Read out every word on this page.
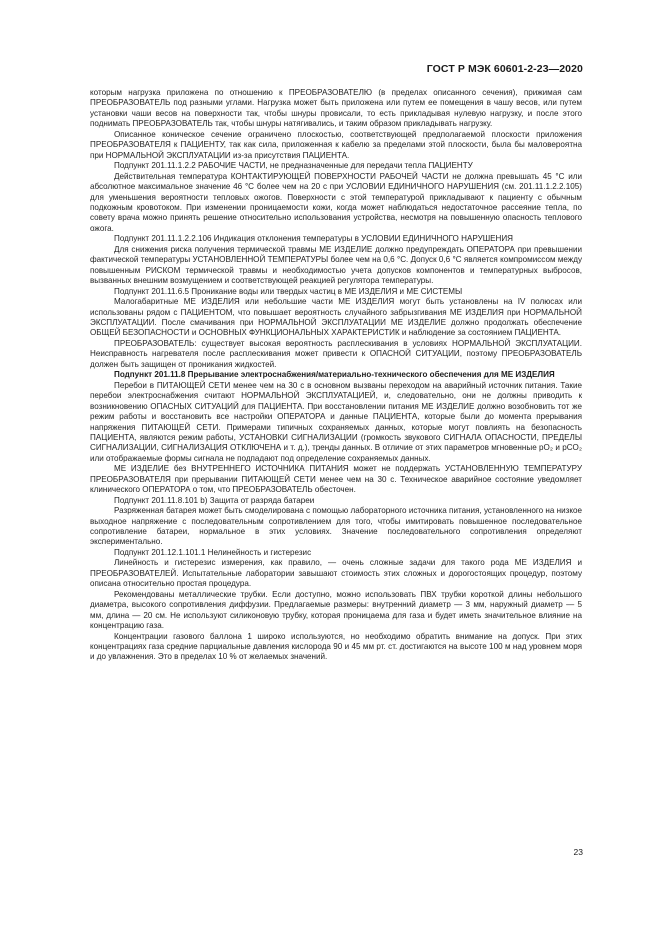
ГОСТ Р МЭК 60601-2-23—2020

которым нагрузка приложена по отношению к ПРЕОБРАЗОВАТЕЛЮ (в пределах описанного сечения), прижимая сам ПРЕОБРАЗОВАТЕЛЬ под разными углами. Нагрузка может быть приложена или путем ее помещения в чашу весов, или путем установки чаши весов на поверхности так, чтобы шнуры провисали, то есть прикладывая нулевую нагрузку, и после этого поднимать ПРЕОБРАЗОВАТЕЛЬ так, чтобы шнуры натягивались, и таким образом прикладывать нагрузку.

Описанное коническое сечение ограничено плоскостью, соответствующей предполагаемой плоскости приложения ПРЕОБРАЗОВАТЕЛЯ к ПАЦИЕНТУ, так как сила, приложенная к кабелю за пределами этой плоскости, была бы маловероятна при НОРМАЛЬНОЙ ЭКСПЛУАТАЦИИ из-за присутствия ПАЦИЕНТА.

Подпункт 201.11.1.2.2 РАБОЧИЕ ЧАСТИ, не предназначенные для передачи тепла ПАЦИЕНТУ

Действительная температура КОНТАКТИРУЮЩЕЙ ПОВЕРХНОСТИ РАБОЧЕЙ ЧАСТИ не должна превышать 45 °С или абсолютное максимальное значение 46 °С более чем на 20 с при УСЛОВИИ ЕДИНИЧНОГО НАРУШЕНИЯ (см. 201.11.1.2.2.105) для уменьшения вероятности тепловых ожогов. Поверхности с этой температурой прикладывают к пациенту с обычным подкожным кровотоком. При изменении проницаемости кожи, когда может наблюдаться недостаточное рассеяние тепла, по совету врача можно принять решение относительно использования устройства, несмотря на повышенную опасность теплового ожога.

Подпункт 201.11.1.2.2.106 Индикация отклонения температуры в УСЛОВИИ ЕДИНИЧНОГО НАРУШЕНИЯ

Для снижения риска получения термической травмы МЕ ИЗДЕЛИЕ должно предупреждать ОПЕРАТОРА при превышении фактической температуры УСТАНОВЛЕННОЙ ТЕМПЕРАТУРЫ более чем на 0,6 °С. Допуск 0,6 °С является компромиссом между повышенным РИСКОМ термической травмы и необходимостью учета допусков компонентов и температурных выбросов, вызванных внешним возмущением и соответствующей реакцией регулятора температуры.

Подпункт 201.11.6.5 Проникание воды или твердых частиц в МЕ ИЗДЕЛИЯ и МЕ СИСТЕМЫ

Малогабаритные МЕ ИЗДЕЛИЯ или небольшие части МЕ ИЗДЕЛИЯ могут быть установлены на IV полюсах или использованы рядом с ПАЦИЕНТОМ, что повышает вероятность случайного забрызгивания МЕ ИЗДЕЛИЯ при НОРМАЛЬНОЙ ЭКСПЛУАТАЦИИ. После смачивания при НОРМАЛЬНОЙ ЭКСПЛУАТАЦИИ МЕ ИЗДЕЛИЕ должно продолжать обеспечение ОБЩЕЙ БЕЗОПАСНОСТИ и ОСНОВНЫХ ФУНКЦИОНАЛЬНЫХ ХАРАКТЕРИСТИК и наблюдение за состоянием ПАЦИЕНТА.

ПРЕОБРАЗОВАТЕЛЬ: существует высокая вероятность расплескивания в условиях НОРМАЛЬНОЙ ЭКСПЛУАТАЦИИ. Неисправность нагревателя после расплескивания может привести к ОПАСНОЙ СИТУАЦИИ, поэтому ПРЕОБРАЗОВАТЕЛЬ должен быть защищен от проникания жидкостей.

Подпункт 201.11.8 Прерывание электроснабжения/материально-технического обеспечения для МЕ ИЗДЕЛИЯ

Перебои в ПИТАЮЩЕЙ СЕТИ менее чем на 30 с в основном вызваны переходом на аварийный источник питания. Такие перебои электроснабжения считают НОРМАЛЬНОЙ ЭКСПЛУАТАЦИЕЙ, и, следовательно, они не должны приводить к возникновению ОПАСНЫХ СИТУАЦИЙ для ПАЦИЕНТА. При восстановлении питания МЕ ИЗДЕЛИЕ должно возобновить тот же режим работы и восстановить все настройки ОПЕРАТОРА и данные ПАЦИЕНТА, которые были до момента прерывания напряжения ПИТАЮЩЕЙ СЕТИ. Примерами типичных сохраняемых данных, которые могут повлиять на безопасность ПАЦИЕНТА, являются режим работы, УСТАНОВКИ СИГНАЛИЗАЦИИ (громкость звукового СИГНАЛА ОПАСНОСТИ, ПРЕДЕЛЫ СИГНАЛИЗАЦИИ, СИГНАЛИЗАЦИЯ ОТКЛЮЧЕНА и т. д.), тренды данных. В отличие от этих параметров мгновенные pO₂ и pCO₂ или отображаемые формы сигнала не подпадают под определение сохраняемых данных.

МЕ ИЗДЕЛИЕ без ВНУТРЕННЕГО ИСТОЧНИКА ПИТАНИЯ может не поддержать УСТАНОВЛЕННУЮ ТЕМПЕРАТУРУ ПРЕОБРАЗОВАТЕЛЯ при прерывании ПИТАЮЩЕЙ СЕТИ менее чем на 30 с. Техническое аварийное состояние уведомляет клинического ОПЕРАТОРА о том, что ПРЕОБРАЗОВАТЕЛЬ обесточен.

Подпункт 201.11.8.101 b) Защита от разряда батареи

Разряженная батарея может быть смоделирована с помощью лабораторного источника питания, установленного на низкое выходное напряжение с последовательным сопротивлением для того, чтобы имитировать повышенное последовательное сопротивление батареи, нормальное в этих условиях. Значение последовательного сопротивления определяют экспериментально.

Подпункт 201.12.1.101.1 Нелинейность и гистерезис

Линейность и гистерезис измерения, как правило, — очень сложные задачи для такого рода МЕ ИЗДЕЛИЯ и ПРЕОБРАЗОВАТЕЛЕЙ. Испытательные лаборатории завышают стоимость этих сложных и дорогостоящих процедур, поэтому описана относительно простая процедура.

Рекомендованы металлические трубки. Если доступно, можно использовать ПВХ трубки короткой длины небольшого диаметра, высокого сопротивления диффузии. Предлагаемые размеры: внутренний диаметр — 3 мм, наружный диаметр — 5 мм, длина — 20 см. Не используют силиконовую трубку, которая проницаема для газа и будет иметь значительное влияние на концентрацию газа.

Концентрации газового баллона 1 широко используются, но необходимо обратить внимание на допуск. При этих концентрациях газа средние парциальные давления кислорода 90 и 45 мм рт. ст. достигаются на высоте 100 м над уровнем моря и до увлажнения. Это в пределах 10 % от желаемых значений.

23
